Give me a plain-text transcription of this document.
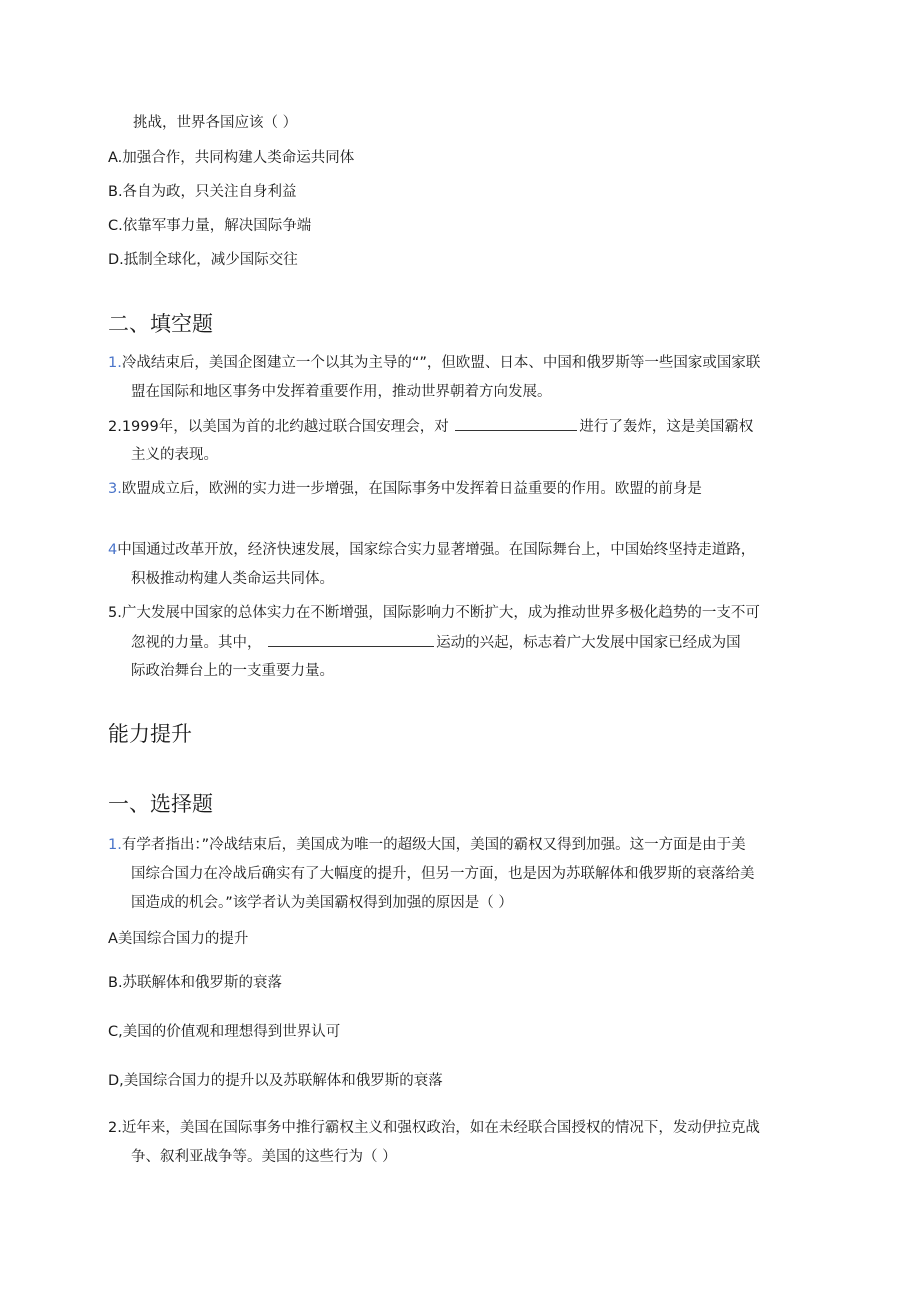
挑战，世界各国应该（ ）
A.加强合作，共同构建人类命运共同体
B.各自为政，只关注自身利益
C.依靠军事力量，解决国际争端
D.抵制全球化，减少国际交往
二、填空题
1.冷战结束后，美国企图建立一个以其为主导的“”，但欧盟、日本、中国和俄罗斯等一些国家或国家联
盟在国际和地区事务中发挥着重要作用，推动世界朝着方向发展。
2.1999年，以美国为首的北约越过联合国安理会，对	进行了轰炸，这是美国霸权
主义的表现。
3.欧盟成立后，欧洲的实力进一步增强，在国际事务中发挥着日益重要的作用。欧盟的前身是
4中国通过改革开放，经济快速发展，国家综合实力显著增强。在国际舞台上，中国始终坚持走道路，
积极推动构建人类命运共同体。
5.广大发展中国家的总体实力在不断增强，国际影响力不断扩大，成为推动世界多极化趋势的一支不可
忽视的力量。其中，	运动的兴起，标志着广大发展中国家已经成为国
际政治舞台上的一支重要力量。
能力提升
一、选择题
1.有学者指出：”冷战结束后，美国成为唯一的超级大国，美国的霸权又得到加强。这一方面是由于美
国综合国力在冷战后确实有了大幅度的提升，但另一方面，也是因为苏联解体和俄罗斯的衰落给美
国造成的机会。”该学者认为美国霸权得到加强的原因是（ ）
A美国综合国力的提升
B.苏联解体和俄罗斯的衰落
C,美国的价值观和理想得到世界认可
D,美国综合国力的提升以及苏联解体和俄罗斯的衰落
2.近年来，美国在国际事务中推行霸权主义和强权政治，如在未经联合国授权的情况下，发动伊拉克战
争、叙利亚战争等。美国的这些行为（ ）
